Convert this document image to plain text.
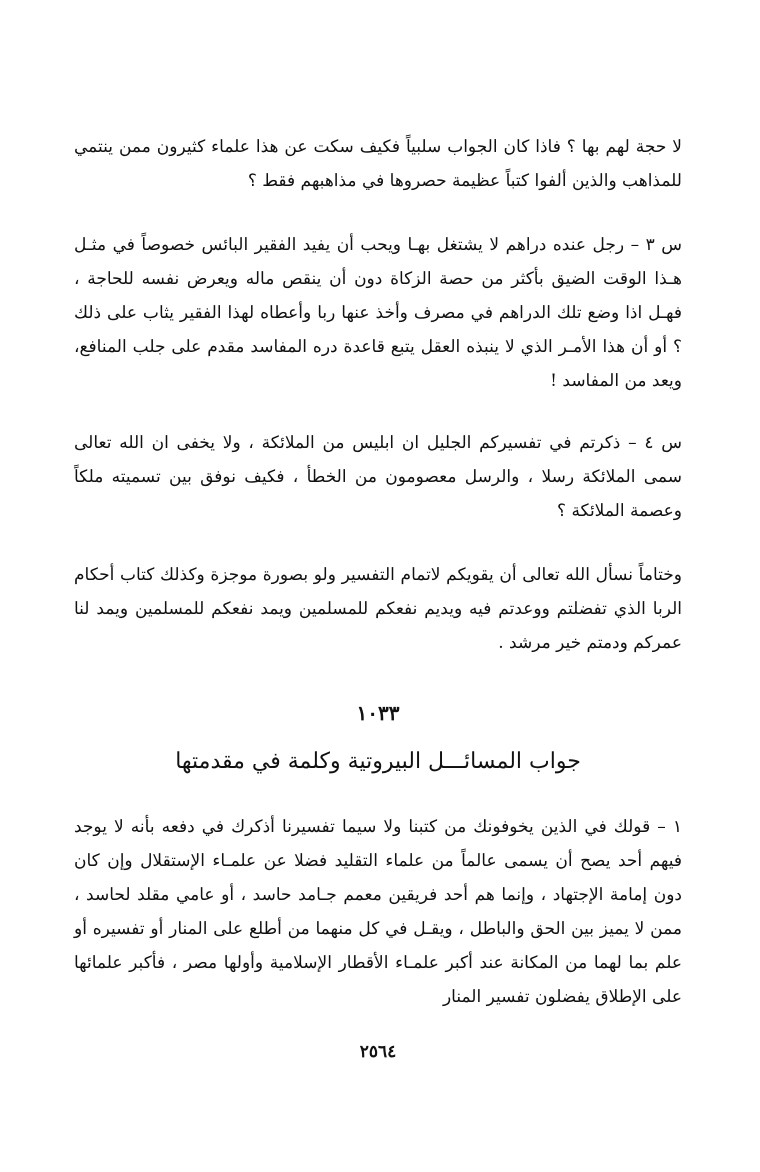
لا حجة لهم بها ؟ فاذا كان الجواب سلبياً فكيف سكت عن هذا علماء كثيرون ممن ينتمي للمذاهب والذين ألفوا كتباً عظيمة حصروها في مذاهبهم فقط ؟

س ٣ – رجل عنده دراهم لا يشتغل بهـا ويحب أن يفيد الفقير البائس خصوصاً في مثـل هـذا الوقت الضيق بأكثر من حصة الزكاة دون أن ينقص ماله ويعرض نفسه للحاجة ، فهـل اذا وضع تلك الدراهم في مصرف وأخذ عنها ربا وأعطاه لهذا الفقير يثاب على ذلك ؟ أو أن هذا الأمـر الذي لا ينبذه العقل يتبع قاعدة دره المفاسد مقدم على جلب المنافع، ويعد من المفاسد !

س ٤ – ذكرتم في تفسيركم الجليل ان ابليس من الملائكة ، ولا يخفى ان الله تعالى سمى الملائكة رسلا ، والرسل معصومون من الخطأ ، فكيف نوفق بين تسميته ملكاً وعصمة الملائكة ؟

وختاماً نسأل الله تعالى أن يقويكم لاتمام التفسير ولو بصورة موجزة وكذلك كتاب أحكام الربا الذي تفضلتم ووعدتم فيه ويديم نفعكم للمسلمين ويمد نفعكم للمسلمين ويمد لنا عمركم ودمتم خير مرشد .

١٠٣٣
جواب المسائـــل البيروتية وكلمة في مقدمتها

١ – قولك في الذين يخوفونك من كتبنا ولا سيما تفسيرنا أذكرك في دفعه بأنه لا يوجد فيهم أحد يصح أن يسمى عالماً من علماء التقليد فضلا عن علمـاء الإستقلال وإن كان دون إمامة الإجتهاد ، وإنما هم أحد فريقين معمم جـامد حاسد ، أو عامي مقلد لحاسد ، ممن لا يميز بين الحق والباطل ، ويقـل في كل منهما من أطلع على المنار أو تفسيره أو علم بما لهما من المكانة عند أكبر علمـاء الأقطار الإسلامية وأولها مصر ، فأكبر علمائها على الإطلاق يفضلون تفسير المنار

٢٥٦٤
